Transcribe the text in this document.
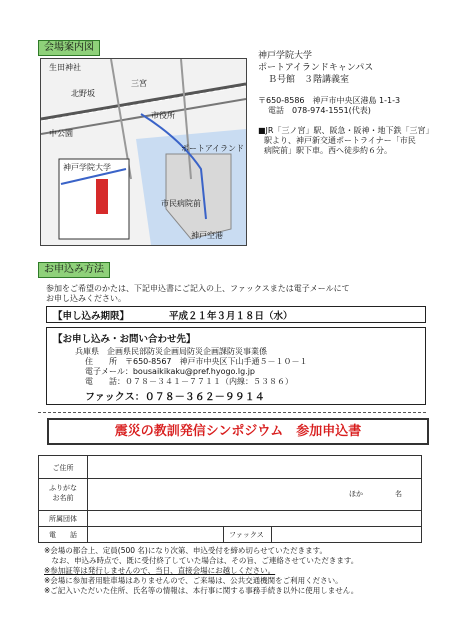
会場案内図
生田神社
三宮
北野坂
市役所
ポートアイランド
中公園
神戸学院大学
市民病院前
神戸空港
神戸学院大学
ポートアイランドキャンパス
Ｂ号館　３階講義室
〒650-8586　神戸市中央区港島 1-1-3
電話　 078-974-1551(代表)
■JR「三ノ宮」駅、阪急・阪神・地下鉄「三宮」
駅より、神戸新交通ポートライナー「市民
病院前」駅下車。西へ徒歩約６分。
お申込み方法
参加をご希望のかたは、下記申込書にご記入の上、ファックスまたは電子メールにて
お申し込みください。
【申し込み期限】	平成２１年３月１８日（水）
【お申し込み・お問い合わせ先】
兵庫県　企画県民部防災企画局防災企画課防災事業係
住　　所　 〒650-8567　神戸市中央区下山手通５－１０－１
電子メール：bousaikikaku@pref.hyogo.lg.jp
電　　話：０７８－３４１－７７１１（内線：５３８６）
ファックス：０７８－３６２－９９１４
震災の教訓発信シンポジウム　参加申込書
ご住所
ふりがな
お名前	ほか	名
所属団体
電　　話	ファックス
※会場の都合上、定員(500 名)になり次第、申込受付を締め切らせていただきます。
　なお、申込み時点で、既に受付終了していた場合は、その旨、ご連絡させていただきます。
※参加証等は発行しませんので、当日、直接会場にお越しください。
※会場に参加者用駐車場はありませんので、ご来場は、公共交通機関をご利用ください。
※ご記入いただいた住所、氏名等の情報は、本行事に関する事務手続き以外に使用しません。
